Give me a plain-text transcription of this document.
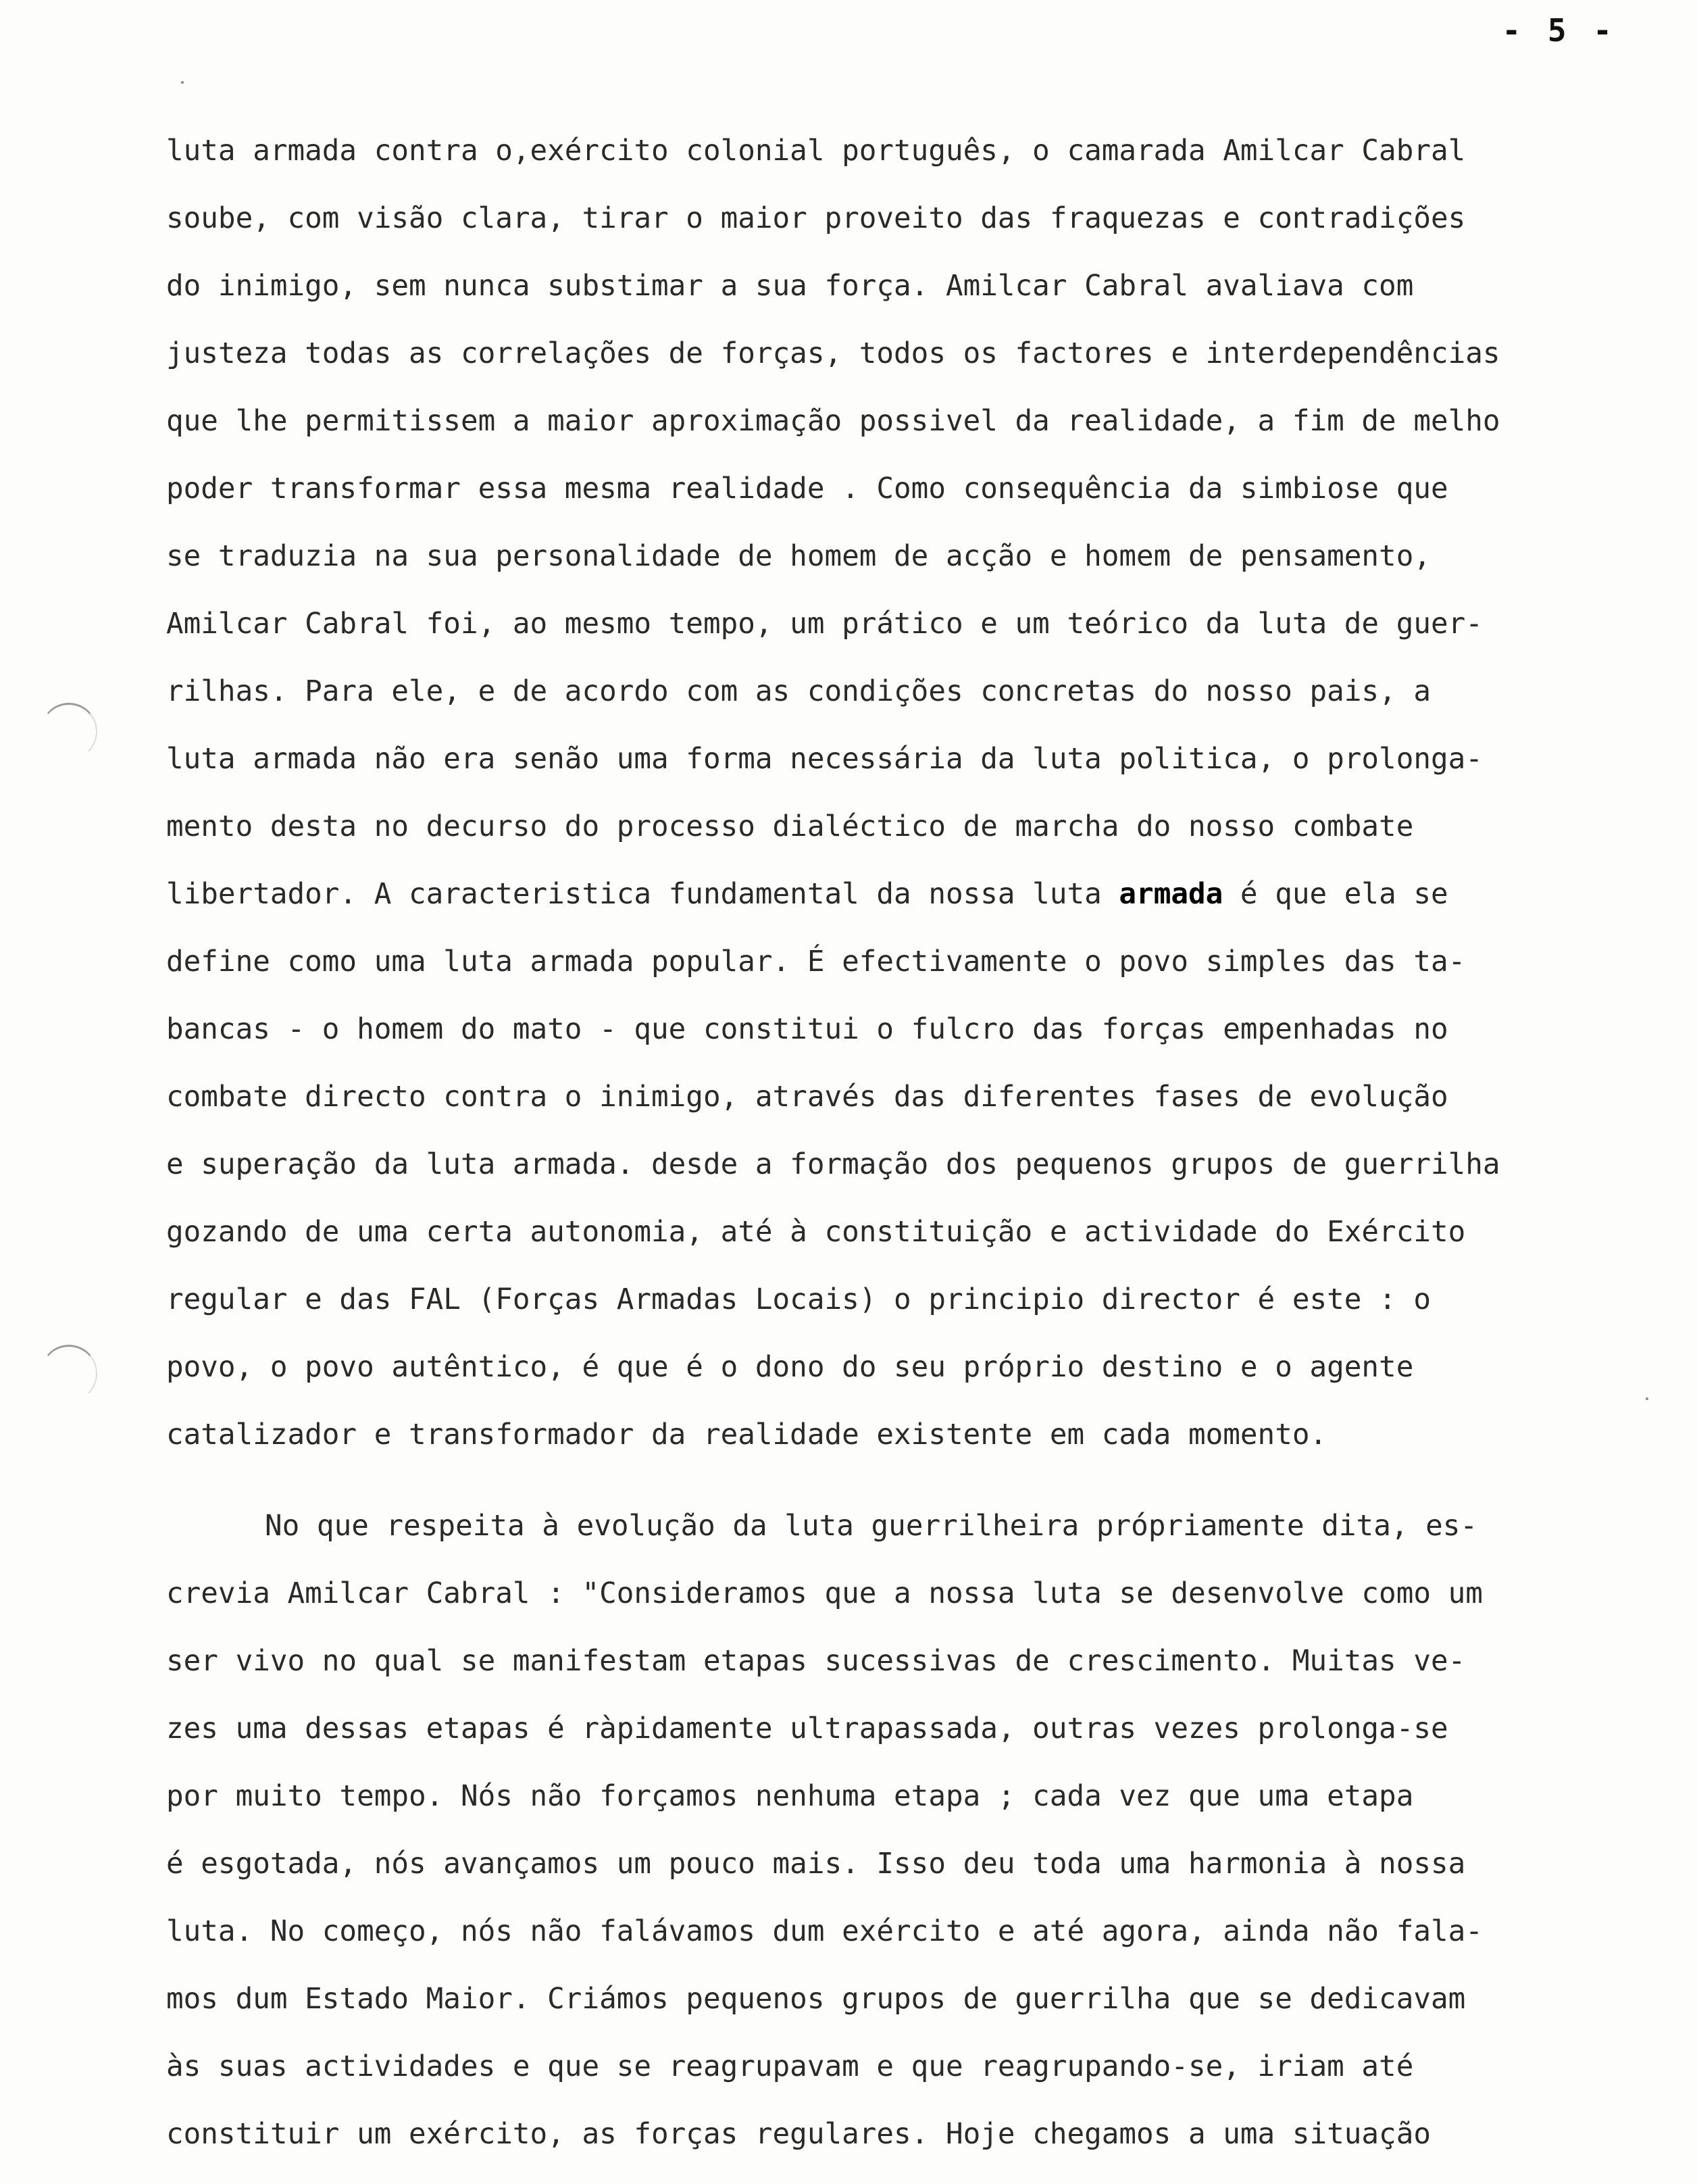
- 5 -
luta armada contra o,exército colonial português, o camarada Amilcar Cabral
soube, com visão clara, tirar o maior proveito das fraquezas e contradições
do inimigo, sem nunca substimar a sua força. Amilcar Cabral avaliava com
justeza todas as correlações de forças, todos os factores e interdependências
que lhe permitissem a maior aproximação possivel da realidade, a fim de melho
poder transformar essa mesma realidade . Como consequência da simbiose que
se traduzia na sua personalidade de homem de acção e homem de pensamento,
Amilcar Cabral foi, ao mesmo tempo, um prático e um teórico da luta de guer-
rilhas. Para ele, e de acordo com as condições concretas do nosso pais, a
luta armada não era senão uma forma necessária da luta politica, o prolonga-
mento desta no decurso do processo dialéctico de marcha do nosso combate
libertador. A caracteristica fundamental da nossa luta armada é que ela se
define como uma luta armada popular. É efectivamente o povo simples das ta-
bancas - o homem do mato - que constitui o fulcro das forças empenhadas no
combate directo contra o inimigo, através das diferentes fases de evolução
e superação da luta armada. desde a formação dos pequenos grupos de guerrilha
gozando de uma certa autonomia, até à constituição e actividade do Exército
regular e das FAL (Forças Armadas Locais) o principio director é este : o
povo, o povo autêntico, é que é o dono do seu próprio destino e o agente
catalizador e transformador da realidade existente em cada momento.
No que respeita à evolução da luta guerrilheira própriamente dita, es-
crevia Amilcar Cabral : "Consideramos que a nossa luta se desenvolve como um
ser vivo no qual se manifestam etapas sucessivas de crescimento. Muitas ve-
zes uma dessas etapas é ràpidamente ultrapassada, outras vezes prolonga-se
por muito tempo. Nós não forçamos nenhuma etapa ; cada vez que uma etapa
é esgotada, nós avançamos um pouco mais. Isso deu toda uma harmonia à nossa
luta. No começo, nós não falávamos dum exército e até agora, ainda não fala-
mos dum Estado Maior. Criámos pequenos grupos de guerrilha que se dedicavam
às suas actividades e que se reagrupavam e que reagrupando-se, iriam até
constituir um exército, as forças regulares. Hoje chegamos a uma situação
